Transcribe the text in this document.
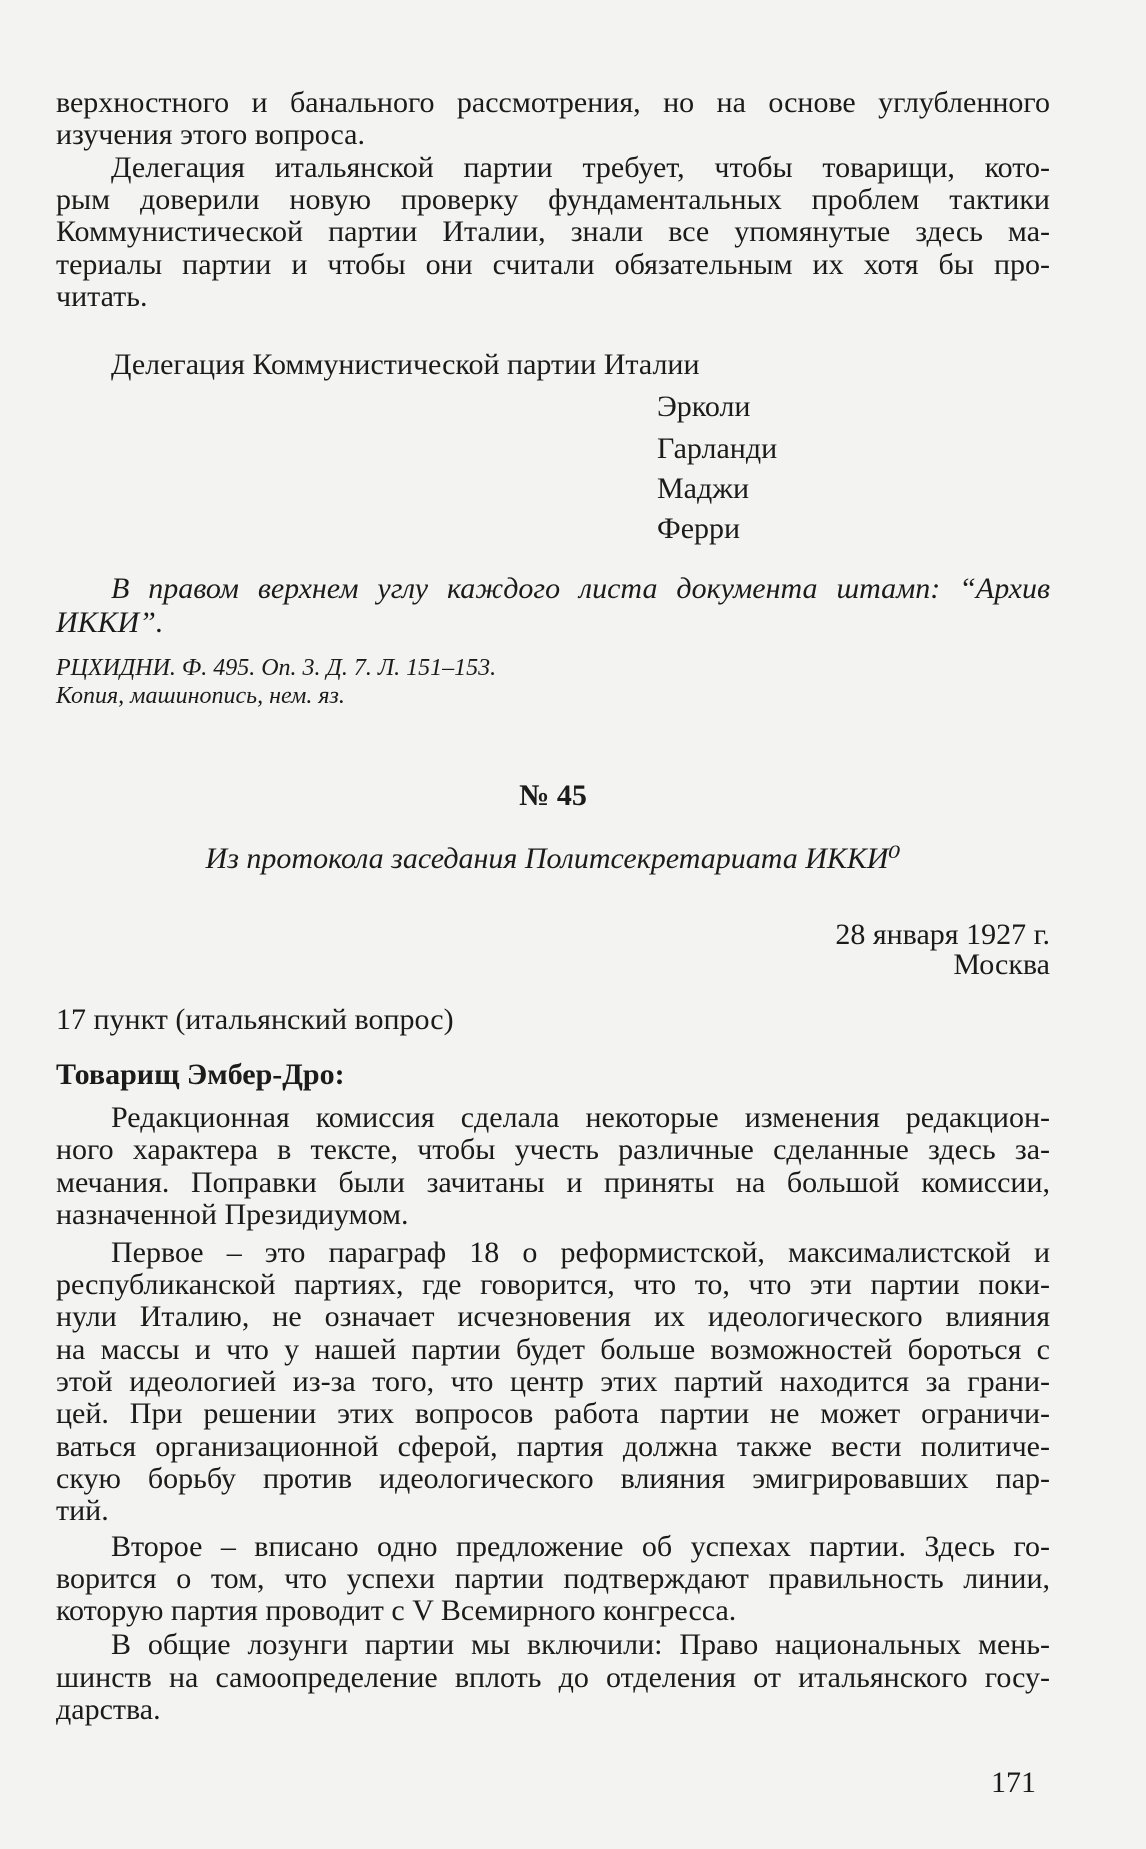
верхностного и банального рассмотрения, но на основе углубленного
изучения этого вопроса.
Делегация итальянской партии требует, чтобы товарищи, кото-
рым доверили новую проверку фундаментальных проблем тактики
Коммунистической партии Италии, знали все упомянутые здесь ма-
териалы партии и чтобы они считали обязательным их хотя бы про-
читать.
Делегация Коммунистической партии Италии
Эрколи
Гарланди
Маджи
Ферри
В правом верхнем углу каждого листа документа штамп: “Архив
ИККИ”.
РЦХИДНИ. Ф. 495. Оп. 3. Д. 7. Л. 151–153.
Копия, машинопись, нем. яз.
№ 45
Из протокола заседания Политсекретариата ИККИ⁰
28 января 1927 г.
Москва
17 пункт (итальянский вопрос)
Товарищ Эмбер-Дро:
Редакционная комиссия сделала некоторые изменения редакцион-
ного характера в тексте, чтобы учесть различные сделанные здесь за-
мечания. Поправки были зачитаны и приняты на большой комиссии,
назначенной Президиумом.
Первое – это параграф 18 о реформистской, максималистской и
республиканской партиях, где говорится, что то, что эти партии поки-
нули Италию, не означает исчезновения их идеологического влияния
на массы и что у нашей партии будет больше возможностей бороться с
этой идеологией из-за того, что центр этих партий находится за грани-
цей. При решении этих вопросов работа партии не может ограничи-
ваться организационной сферой, партия должна также вести политиче-
скую борьбу против идеологического влияния эмигрировавших пар-
тий.
Второе – вписано одно предложение об успехах партии. Здесь го-
ворится о том, что успехи партии подтверждают правильность линии,
которую партия проводит с V Всемирного конгресса.
В общие лозунги партии мы включили: Право национальных мень-
шинств на самоопределение вплоть до отделения от итальянского госу-
дарства.
171
